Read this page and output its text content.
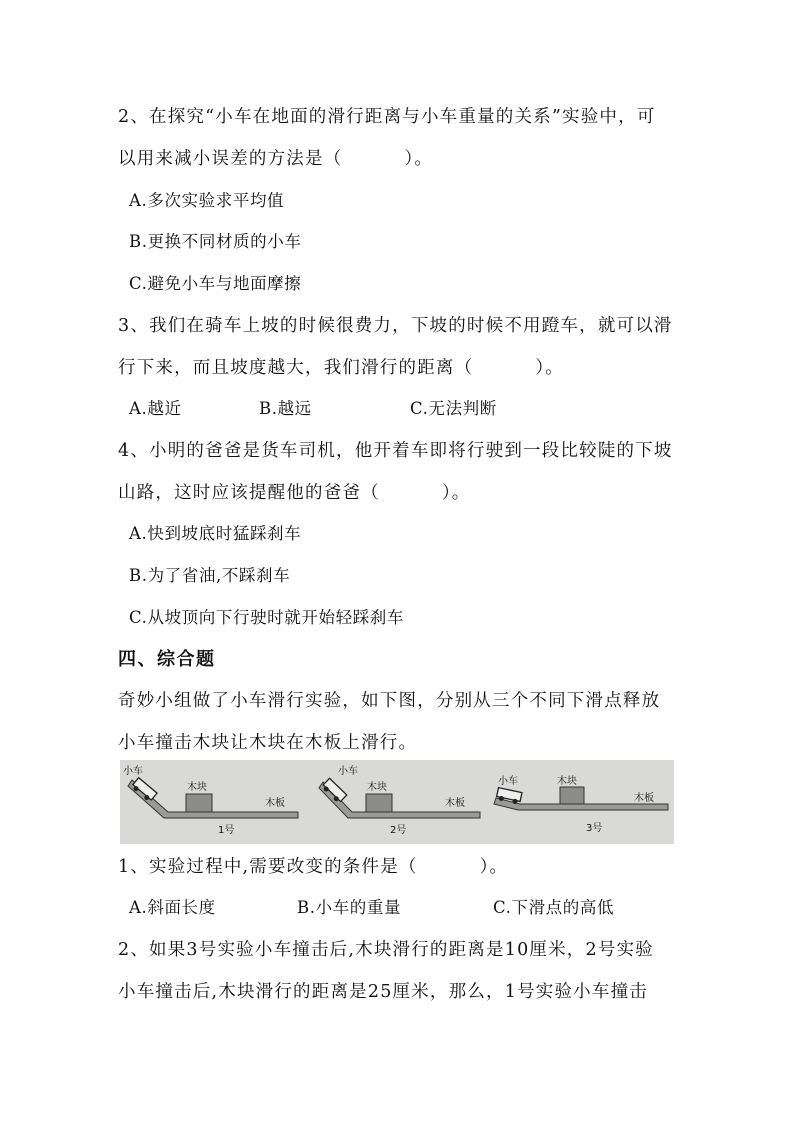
2、在探究“小车在地面的滑行距离与小车重量的关系”实验中，可
以用来减小误差的方法是（	）。
A.多次实验求平均值
B.更换不同材质的小车
C.避免小车与地面摩擦
3、我们在骑车上坡的时候很费力，下坡的时候不用蹬车，就可以滑
行下来，而且坡度越大，我们滑行的距离（	）。
A.越近	B.越远	C.无法判断
4、小明的爸爸是货车司机，他开着车即将行驶到一段比较陡的下坡
山路，这时应该提醒他的爸爸（	）。
A.快到坡底时猛踩刹车
B.为了省油,不踩刹车
C.从坡顶向下行驶时就开始轻踩刹车
四、综合题
奇妙小组做了小车滑行实验，如下图，分别从三个不同下滑点释放
小车撞击木块让木块在木板上滑行。
小车
木块
木板
1号
小车
木块
木板
2号
小车	木块
木板
3号
1、实验过程中,需要改变的条件是（	）。
A.斜面长度	B.小车的重量	C.下滑点的高低
2、如果3号实验小车撞击后,木块滑行的距离是10厘米，2号实验
小车撞击后,木块滑行的距离是25厘米，那么，1号实验小车撞击
